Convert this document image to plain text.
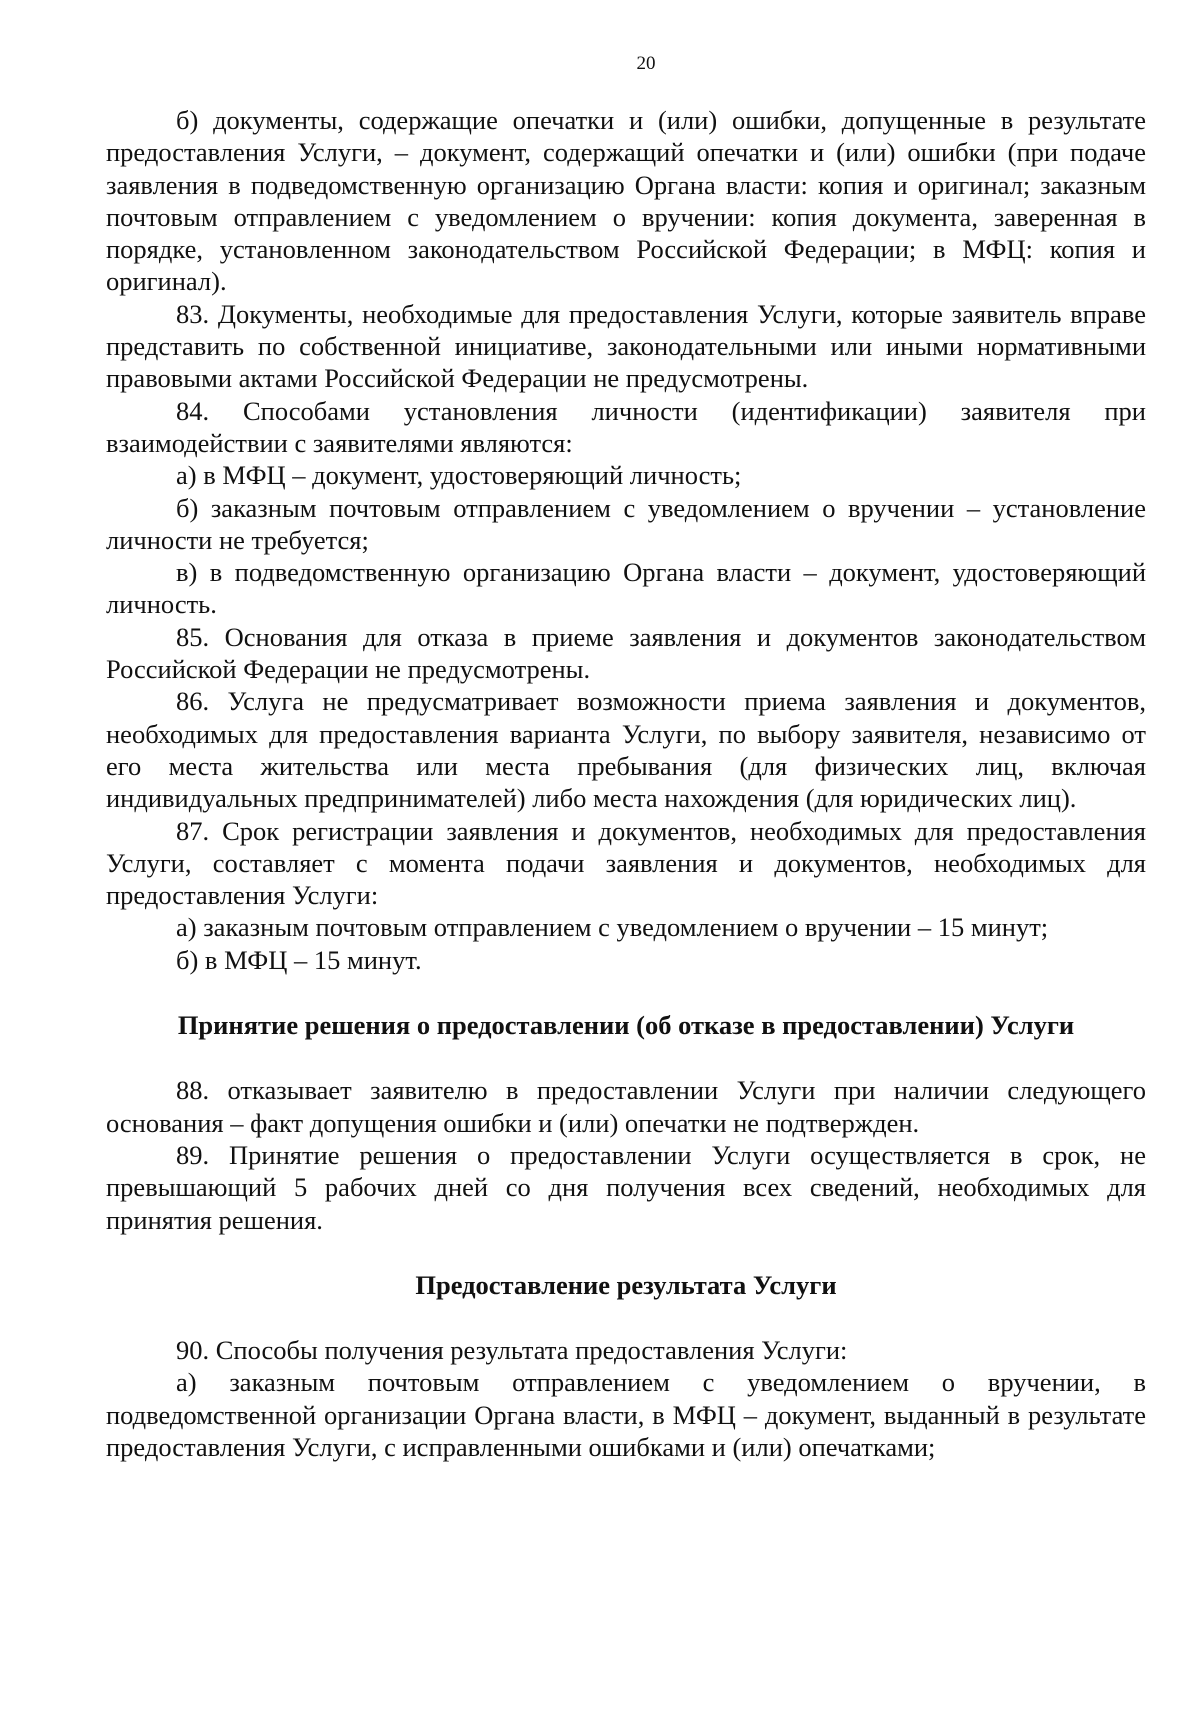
20

б) документы, содержащие опечатки и (или) ошибки, допущенные в результате предоставления Услуги, – документ, содержащий опечатки и (или) ошибки (при подаче заявления в подведомственную организацию Органа власти: копия и оригинал; заказным почтовым отправлением с уведомлением о вручении: копия документа, заверенная в порядке, установленном законодательством Российской Федерации; в МФЦ: копия и оригинал).

83. Документы, необходимые для предоставления Услуги, которые заявитель вправе представить по собственной инициативе, законодательными или иными нормативными правовыми актами Российской Федерации не предусмотрены.

84. Способами установления личности (идентификации) заявителя при взаимодействии с заявителями являются:

а) в МФЦ – документ, удостоверяющий личность;

б) заказным почтовым отправлением с уведомлением о вручении – установление личности не требуется;

в) в подведомственную организацию Органа власти – документ, удостоверяющий личность.

85. Основания для отказа в приеме заявления и документов законодательством Российской Федерации не предусмотрены.

86. Услуга не предусматривает возможности приема заявления и документов, необходимых для предоставления варианта Услуги, по выбору заявителя, независимо от его места жительства или места пребывания (для физических лиц, включая индивидуальных предпринимателей) либо места нахождения (для юридических лиц).

87. Срок регистрации заявления и документов, необходимых для предоставления Услуги, составляет с момента подачи заявления и документов, необходимых для предоставления Услуги:

а) заказным почтовым отправлением с уведомлением о вручении – 15 минут;

б) в МФЦ – 15 минут.

Принятие решения о предоставлении (об отказе в предоставлении) Услуги

88. отказывает заявителю в предоставлении Услуги при наличии следующего основания – факт допущения ошибки и (или) опечатки не подтвержден.

89. Принятие решения о предоставлении Услуги осуществляется в срок, не превышающий 5 рабочих дней со дня получения всех сведений, необходимых для принятия решения.

Предоставление результата Услуги

90. Способы получения результата предоставления Услуги:

а) заказным почтовым отправлением с уведомлением о вручении, в подведомственной организации Органа власти, в МФЦ – документ, выданный в результате предоставления Услуги, с исправленными ошибками и (или) опечатками;
